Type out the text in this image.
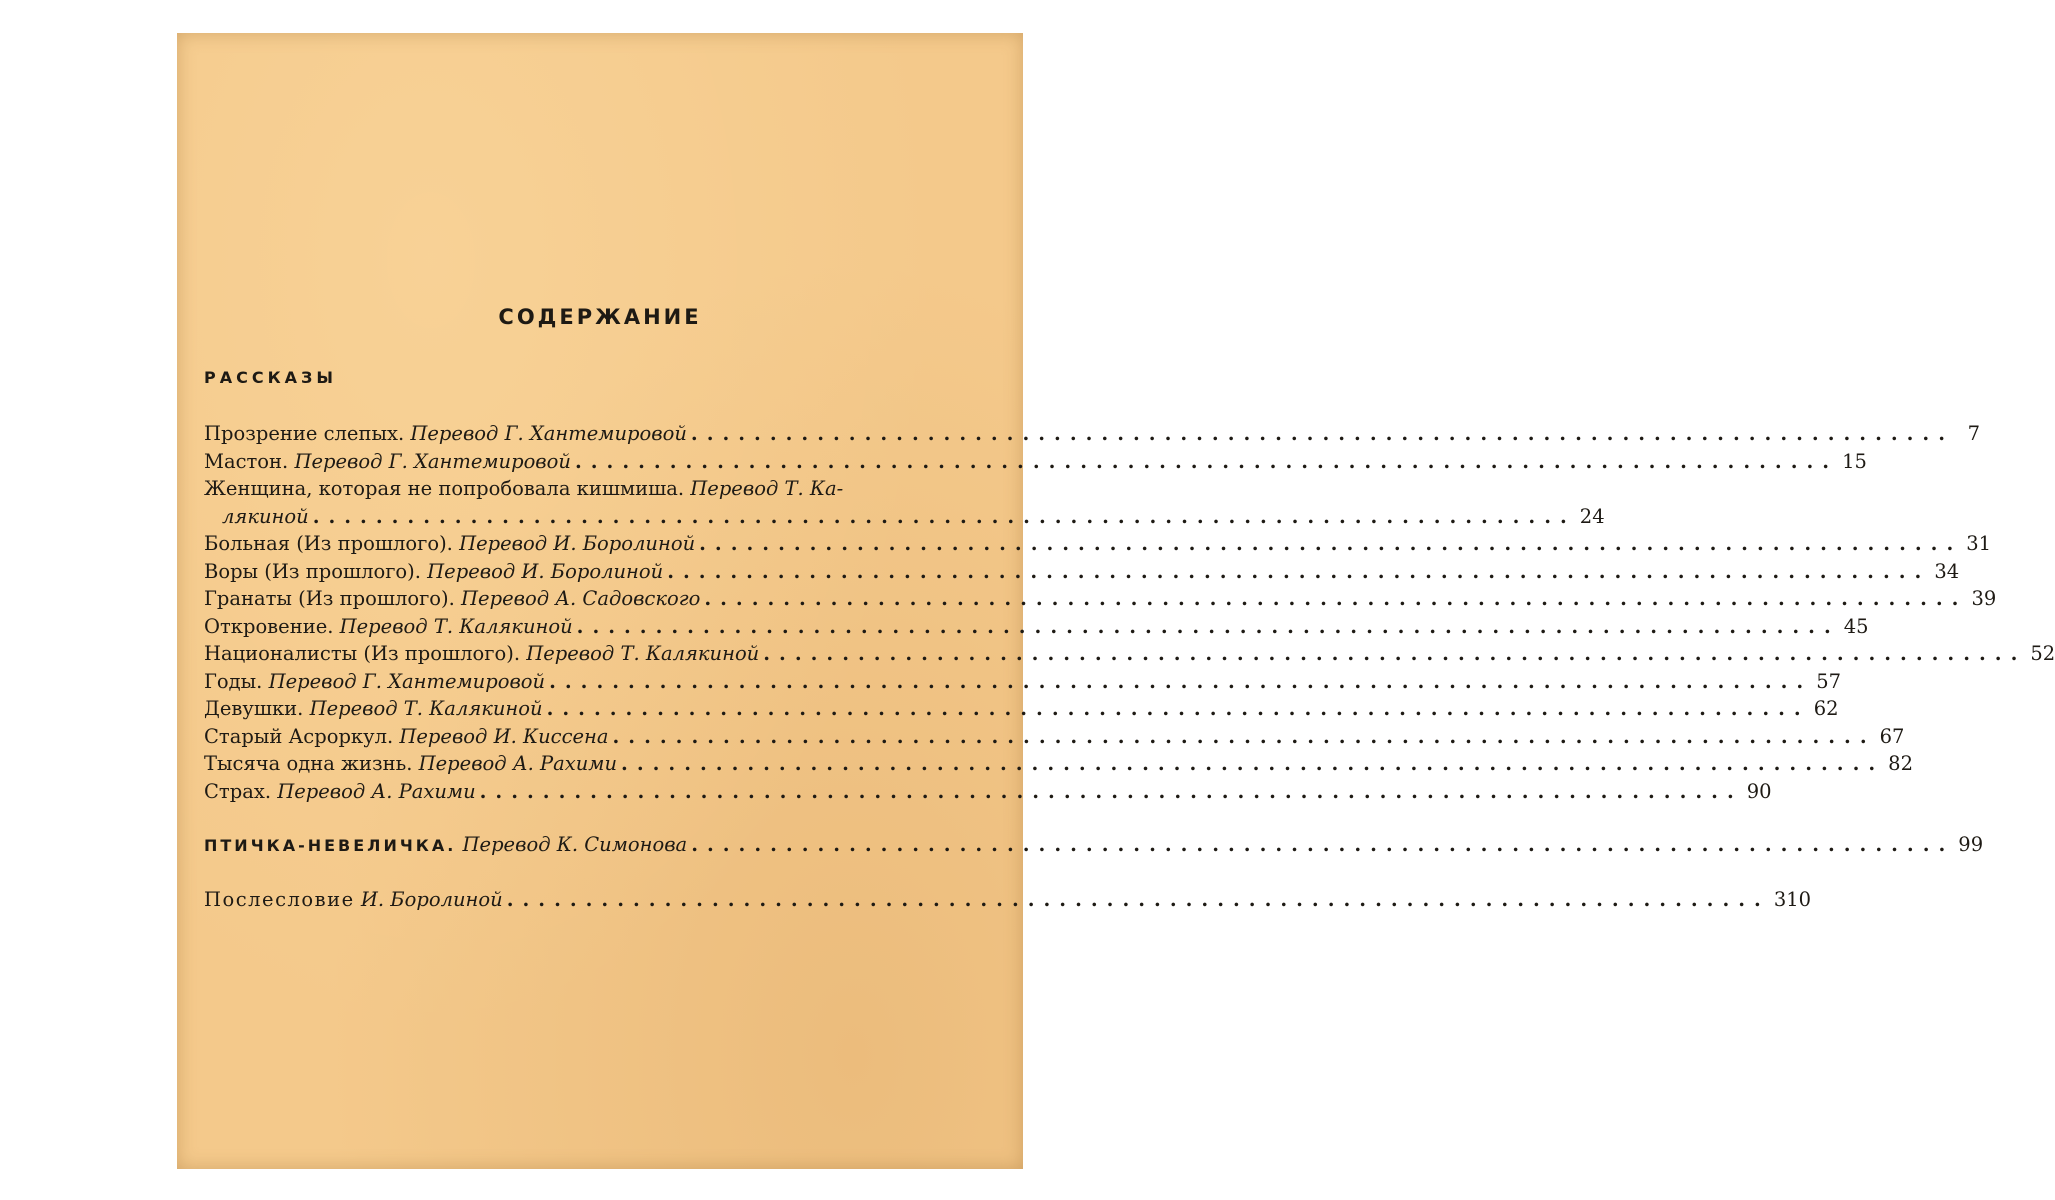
СОДЕРЖАНИЕ
РАССКАЗЫ
Прозрение слепых.
Перевод Г. Хантемировой ................................................................................ 7
Мастон.
Перевод Г. Хантемировой ................................................................................ 15
Женщина, которая не попробовала кишмиша.
Перевод Т. Ка-
лякиной ................................................................................ 24
Больная (Из прошлого).
Перевод И. Боролиной ................................................................................ 31
Воры (Из прошлого).
Перевод И. Боролиной ................................................................................ 34
Гранаты (Из прошлого).
Перевод А. Садовского ................................................................................ 39
Откровение.
Перевод Т. Калякиной ................................................................................ 45
Националисты (Из прошлого).
Перевод Т. Калякиной ................................................................................ 52
Годы.
Перевод Г. Хантемировой ................................................................................ 57
Девушки.
Перевод Т. Калякиной ................................................................................ 62
Старый Асроркул.
Перевод И. Киссена ................................................................................ 67
Тысяча одна жизнь.
Перевод А. Рахими ................................................................................ 82
Страх.
Перевод А. Рахими ................................................................................ 90
ПТИЧКА-НЕВЕЛИЧКА.
Перевод К. Симонова ................................................................................ 99
Послесловие
И. Боролиной ................................................................................ 310
